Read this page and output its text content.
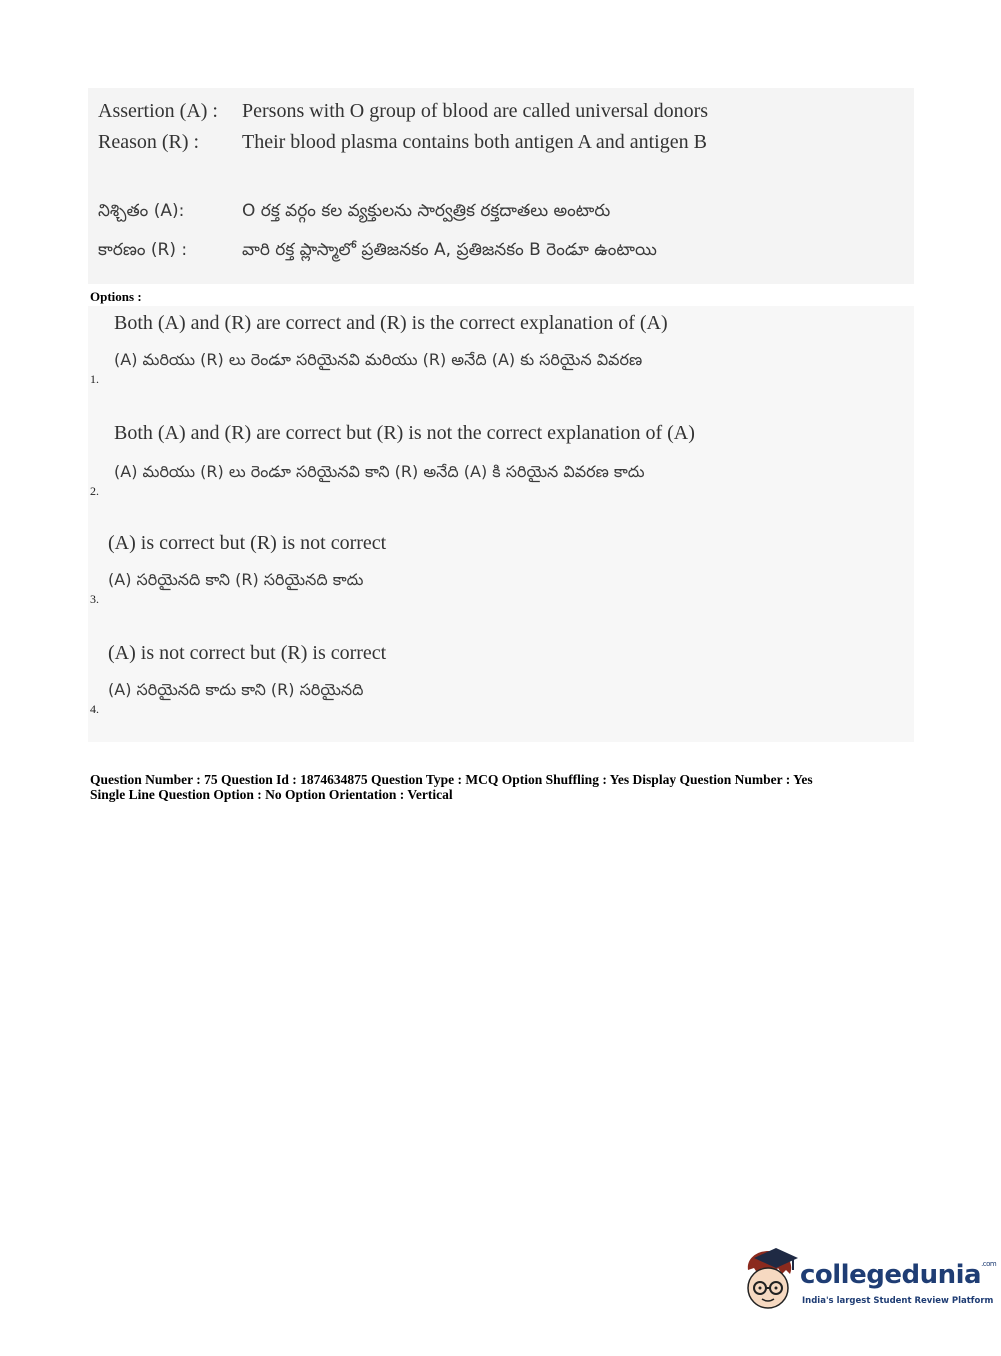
Assertion (A) : Persons with O group of blood are called universal donors
Reason (R) : Their blood plasma contains both antigen A and antigen B
నిశ్చితం (A):	O రక్త వర్గం కల వ్యక్తులను సార్వత్రిక రక్తదాతలు అంటారు
కారణం (R) :	వారి రక్త ప్లాస్మాలో ప్రతిజనకం A, ప్రతిజనకం B రెండూ ఉంటాయి
Options :
Both (A) and (R) are correct and (R) is the correct explanation of (A)
(A) మరియు (R) లు రెండూ సరియైనవి మరియు (R) అనేది (A) కు సరియైన వివరణ
1.
Both (A) and (R) are correct but (R) is not the correct explanation of (A)
(A) మరియు (R) లు రెండూ సరియైనవి కాని (R) అనేది (A) కి సరియైన వివరణ కాదు
2.
(A) is correct but (R) is not correct
(A) సరియైనది కాని (R) సరియైనది కాదు
3.
(A) is not correct but (R) is correct
(A) సరియైనది కాదు కాని (R) సరియైనది
4.
Question Number : 75 Question Id : 1874634875 Question Type : MCQ Option Shuffling : Yes Display Question Number : Yes
Single Line Question Option : No Option Orientation : Vertical
collegedunia$^{.com}$
India's largest Student Review Platform
